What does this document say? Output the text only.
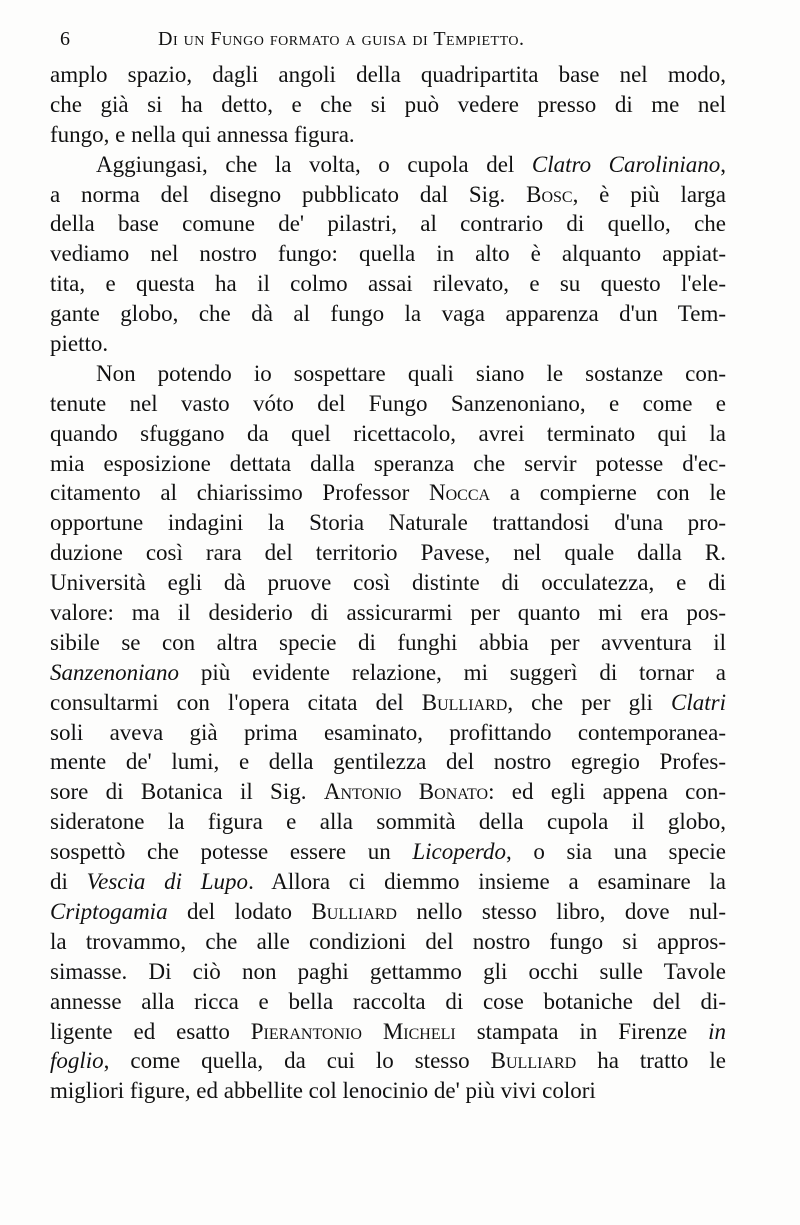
6	Di un Fungo formato a guisa di Tempietto.
amplo spazio, dagli angoli della quadripartita base nel modo,
che già si ha detto, e che si può vedere presso di me nel
fungo, e nella qui annessa figura.
Aggiungasi, che la volta, o cupola del Clatro Caroliniano,
a norma del disegno pubblicato dal Sig. Bosc, è più larga
della base comune de' pilastri, al contrario di quello, che
vediamo nel nostro fungo: quella in alto è alquanto appiat-
tita, e questa ha il colmo assai rilevato, e su questo l'ele-
gante globo, che dà al fungo la vaga apparenza d'un Tem-
pietto.
Non potendo io sospettare quali siano le sostanze con-
tenute nel vasto vóto del Fungo Sanzenoniano, e come e
quando sfuggano da quel ricettacolo, avrei terminato qui la
mia esposizione dettata dalla speranza che servir potesse d'ec-
citamento al chiarissimo Professor Nocca a compierne con le
opportune indagini la Storia Naturale trattandosi d'una pro-
duzione così rara del territorio Pavese, nel quale dalla R.
Università egli dà pruove così distinte di occulatezza, e di
valore: ma il desiderio di assicurarmi per quanto mi era pos-
sibile se con altra specie di funghi abbia per avventura il
Sanzenoniano più evidente relazione, mi suggerì di tornar a
consultarmi con l'opera citata del Bulliard, che per gli Clatri
soli aveva già prima esaminato, profittando contemporanea-
mente de' lumi, e della gentilezza del nostro egregio Profes-
sore di Botanica il Sig. Antonio Bonato: ed egli appena con-
sideratone la figura e alla sommità della cupola il globo,
sospettò che potesse essere un Licoperdo, o sia una specie
di Vescia di Lupo. Allora ci diemmo insieme a esaminare la
Criptogamia del lodato Bulliard nello stesso libro, dove nul-
la trovammo, che alle condizioni del nostro fungo si appros-
simasse. Di ciò non paghi gettammo gli occhi sulle Tavole
annesse alla ricca e bella raccolta di cose botaniche del di-
ligente ed esatto Pierantonio Micheli stampata in Firenze in
foglio, come quella, da cui lo stesso Bulliard ha tratto le
migliori figure, ed abbellite col lenocinio de' più vivi colori
